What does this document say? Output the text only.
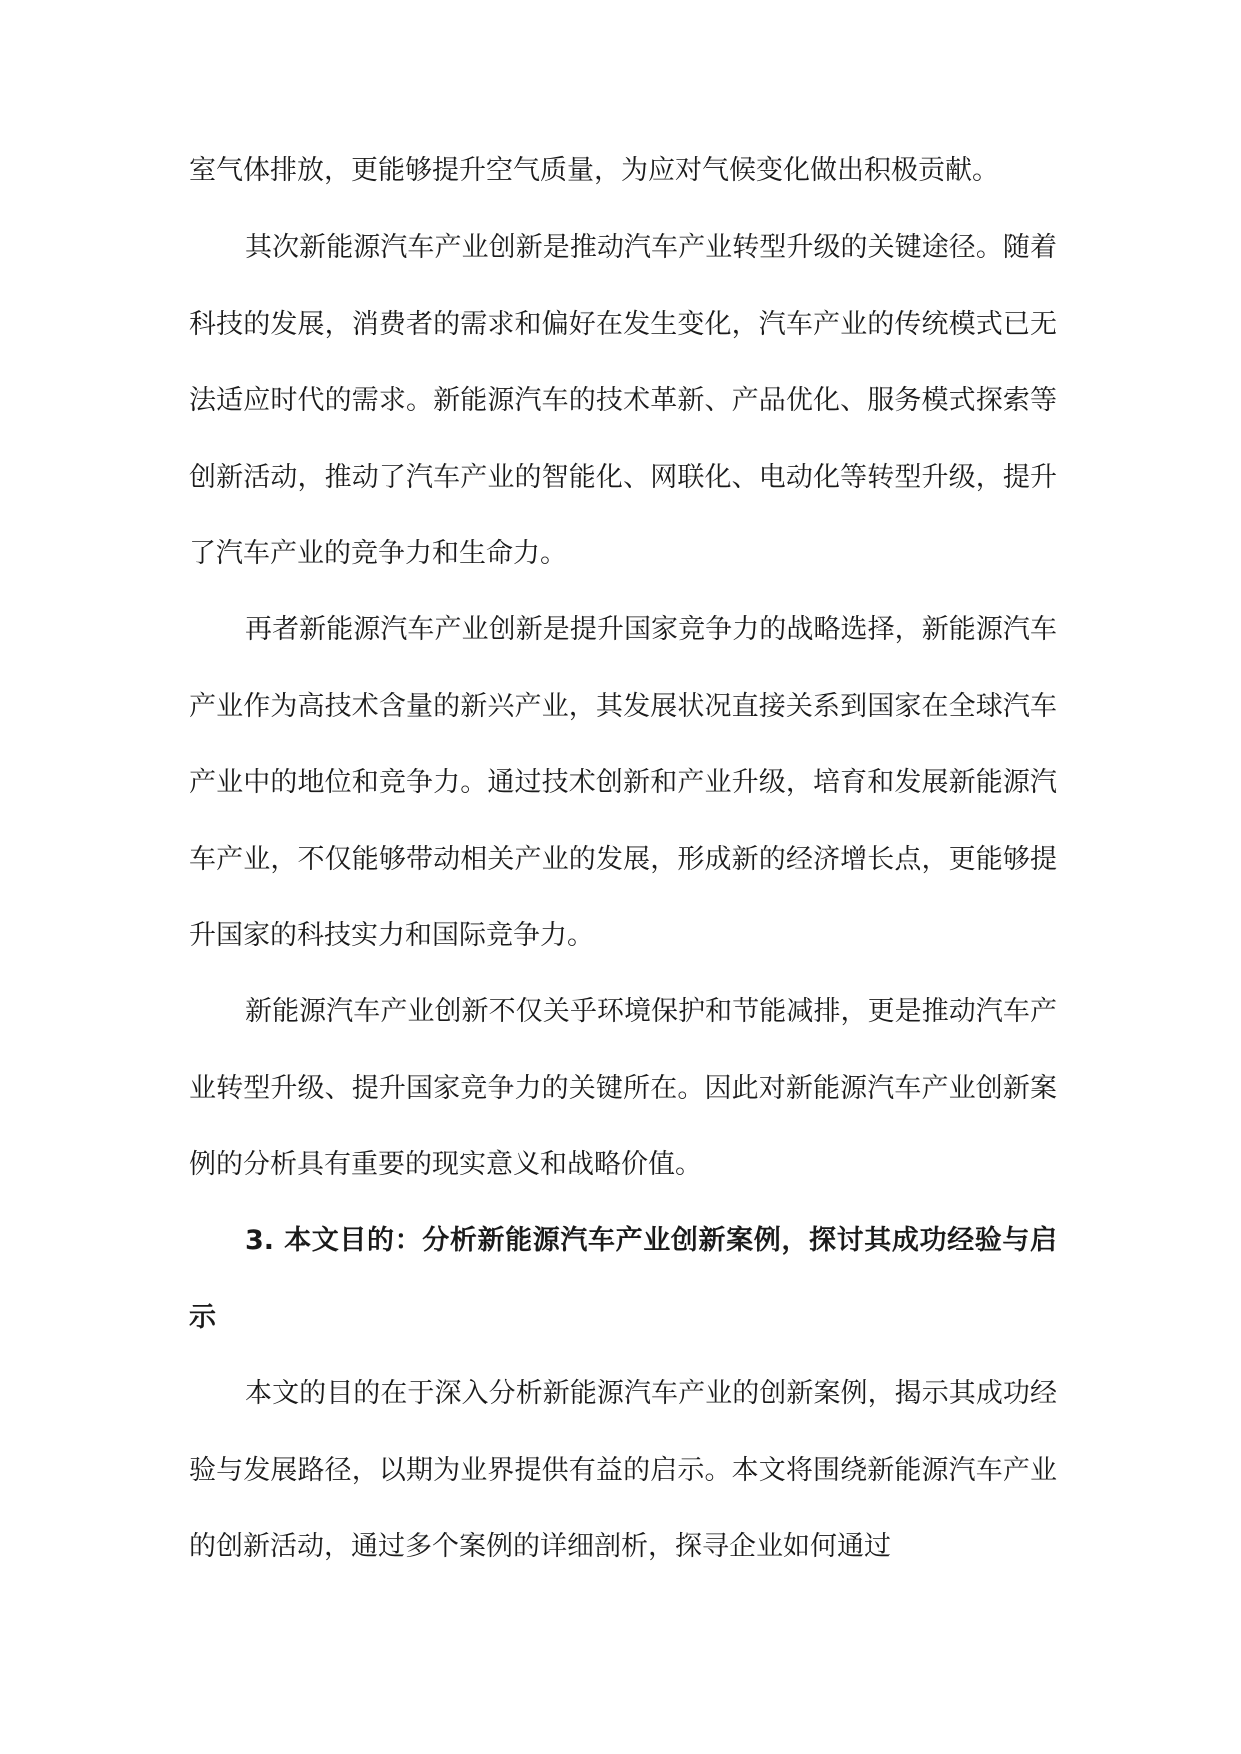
室气体排放，更能够提升空气质量，为应对气候变化做出积极贡献。

其次新能源汽车产业创新是推动汽车产业转型升级的关键途径。随着科技的发展，消费者的需求和偏好在发生变化，汽车产业的传统模式已无法适应时代的需求。新能源汽车的技术革新、产品优化、服务模式探索等创新活动，推动了汽车产业的智能化、网联化、电动化等转型升级，提升了汽车产业的竞争力和生命力。

再者新能源汽车产业创新是提升国家竞争力的战略选择，新能源汽车产业作为高技术含量的新兴产业，其发展状况直接关系到国家在全球汽车产业中的地位和竞争力。通过技术创新和产业升级，培育和发展新能源汽车产业，不仅能够带动相关产业的发展，形成新的经济增长点，更能够提升国家的科技实力和国际竞争力。

新能源汽车产业创新不仅关乎环境保护和节能减排，更是推动汽车产业转型升级、提升国家竞争力的关键所在。因此对新能源汽车产业创新案例的分析具有重要的现实意义和战略价值。

3. 本文目的：分析新能源汽车产业创新案例，探讨其成功经验与启示

本文的目的在于深入分析新能源汽车产业的创新案例，揭示其成功经验与发展路径，以期为业界提供有益的启示。本文将围绕新能源汽车产业的创新活动，通过多个案例的详细剖析，探寻企业如何通过
